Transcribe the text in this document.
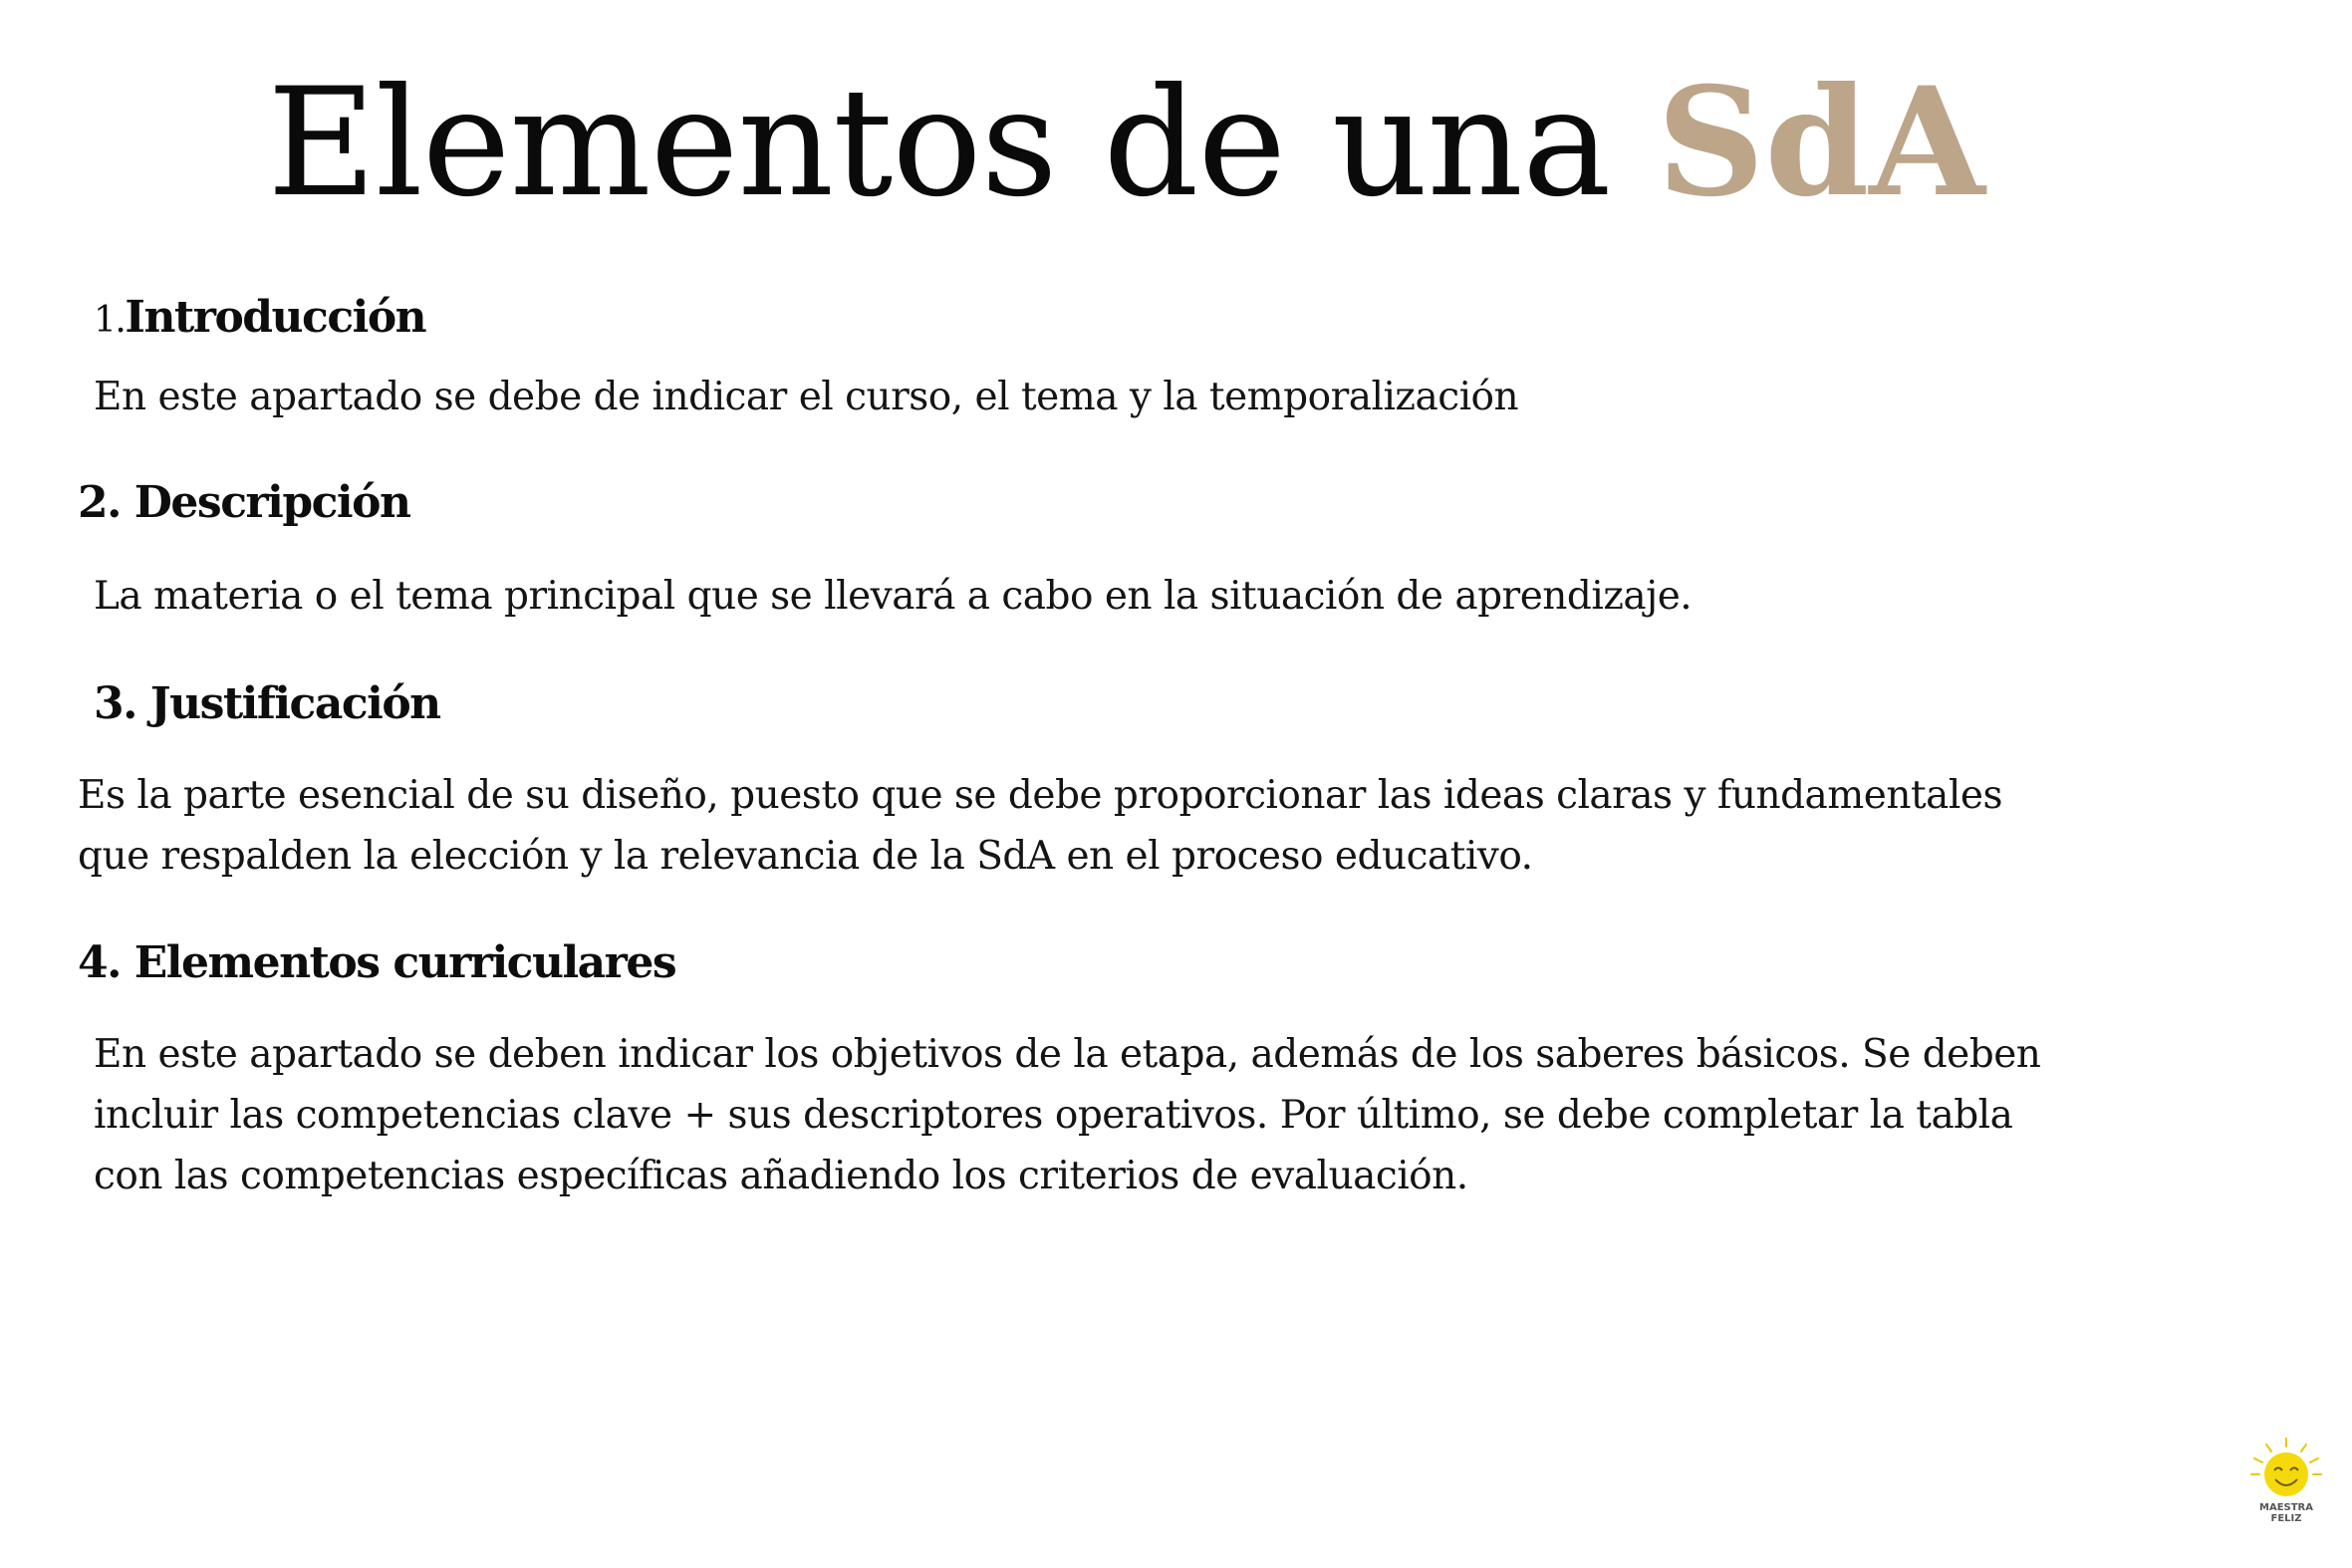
Elementos de una SdA
1.Introducción

En este apartado se debe de indicar el curso, el tema y la temporalización

2. Descripción

La materia o el tema principal que se llevará a cabo en la situación de aprendizaje.

3. Justificación

Es la parte esencial de su diseño, puesto que se debe proporcionar las ideas claras y fundamentales
que respalden la elección y la relevancia de la SdA en el proceso educativo.

4. Elementos curriculares

En este apartado se deben indicar los objetivos de la etapa, además de los saberes básicos. Se deben
incluir las competencias clave + sus descriptores operativos. Por último, se debe completar la tabla
con las competencias específicas añadiendo los criterios de evaluación.

MAESTRA
FELIZ
